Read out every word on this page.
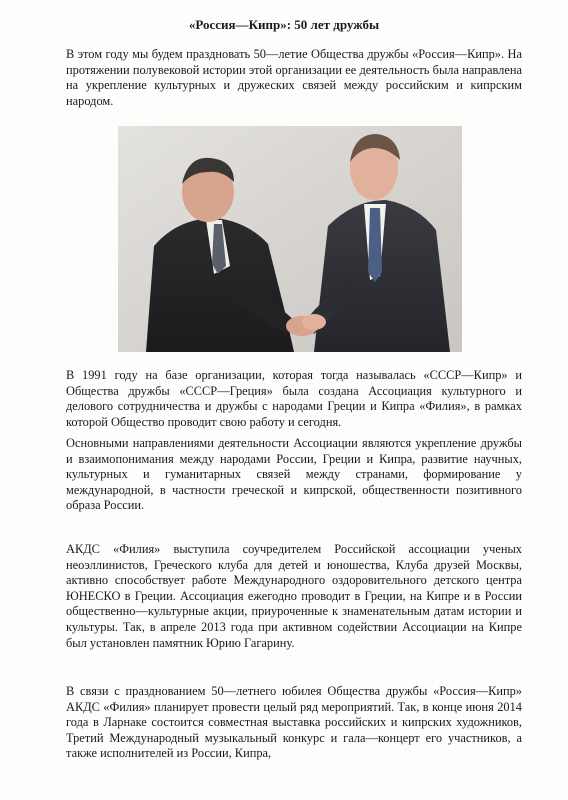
«Россия—Кипр»: 50 лет дружбы

В этом году мы будем праздновать 50—летие Общества дружбы «Россия—Кипр». На протяжении полувековой истории этой организации ее деятельность была направлена на укрепление культурных и дружеских связей между российским и кипрским народом.

В 1991 году на базе организации, которая тогда называлась «СССР—Кипр» и Общества дружбы «СССР—Греция» была создана Ассоциация культурного и делового сотрудничества и дружбы с народами Греции и Кипра «Филия», в рамках которой Общество проводит свою работу и сегодня.

Основными направлениями деятельности Ассоциации являются укрепление дружбы и взаимопонимания между народами России, Греции и Кипра, развитие научных, культурных и гуманитарных связей между странами, формирование у международной, в частности греческой и кипрской, общественности позитивного образа России.

АКДС «Филия» выступила соучредителем Российской ассоциации ученых неоэллинистов, Греческого клуба для детей и юношества, Клуба друзей Москвы, активно способствует работе Международного оздоровительного детского центра ЮНЕСКО в Греции. Ассоциация ежегодно проводит в Греции, на Кипре и в России общественно—культурные акции, приуроченные к знаменательным датам истории и культуры. Так, в апреле 2013 года при активном содействии Ассоциации на Кипре был установлен памятник Юрию Гагарину.

В связи с празднованием 50—летнего юбилея Общества дружбы «Россия—Кипр» АКДС «Филия» планирует провести целый ряд мероприятий. Так, в конце июня 2014 года в Ларнаке состоится совместная выставка российских и кипрских художников, Третий Международный музыкальный конкурс и гала—концерт его участников, а также исполнителей из России, Кипра,
